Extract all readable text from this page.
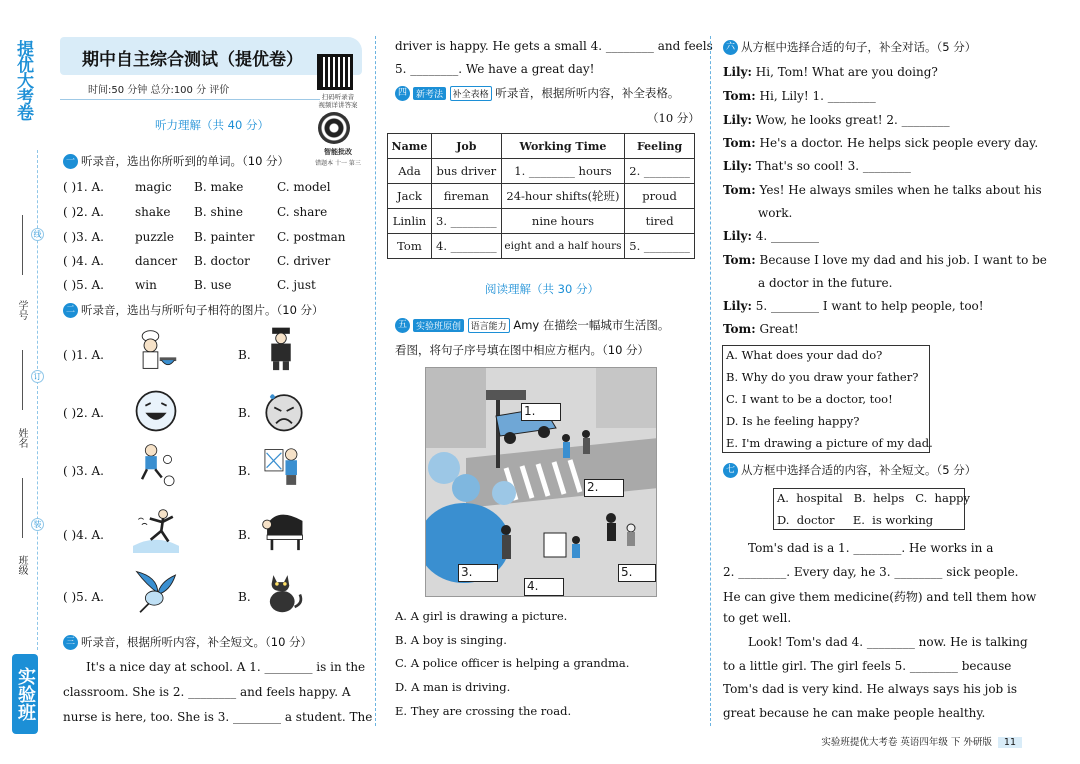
提优大考卷
线
订
装
学号
姓名
班级
实验班
期中自主综合测试（提优卷）
时间:50 分钟 总分:100 分 评价
扫码听录音
视频详讲答案
智能批改
错题本 十一 第三
听力理解（共 40 分）
一 听录音，选出你所听到的单词。（10 分）
( )1. A.	magic B. make	C. model
( )2. A.	shake B. shine	C. share
( )3. A.	puzzle B. painter C. postman
( )4. A.	dancer B. doctor C. driver
( )5. A.	win	B. use	C. just
二 听录音，选出与所听句子相符的图片。（10 分）
( )1. A.	B.
( )2. A.	B.
( )3. A.	B.
( )4. A.	B.
( )5. A.	B.
三 听录音，根据所听内容，补全短文。（10 分）
It's a nice day at school. A 1. ________ is in the
classroom. She is 2. ________ and feels happy. A
nurse is here, too. She is 3. ________ a student. The
driver is happy. He gets a small 4. ________ and feels
5. ________. We have a great day!
四 新考法 补全表格 听录音，根据所听内容，补全表格。
（10 分）
Name	Job	Working Time	Feeling
Ada	bus driver	1. ________ hours	2. ________
Jack	fireman	24-hour shifts(轮班)	proud
Linlin	3. ________	nine hours	tired
Tom	4. ________	eight and a half hours	5. ________
阅读理解（共 30 分）
五 实验班原创 语言能力 Amy 在描绘一幅城市生活图。
看图，将句子序号填在图中相应方框内。（10 分）
1.
2.
3.
4.
5.
A. A girl is drawing a picture.
B. A boy is singing.
C. A police officer is helping a grandma.
D. A man is driving.
E. They are crossing the road.
六 从方框中选择合适的句子，补全对话。（5 分）
Lily: Hi, Tom! What are you doing?
Tom: Hi, Lily! 1. ________
Lily: Wow, he looks great! 2. ________
Tom: He's a doctor. He helps sick people every day.
Lily: That's so cool! 3. ________
Tom: Yes! He always smiles when he talks about his
work.
Lily: 4. ________
Tom: Because I love my dad and his job. I want to be
a doctor in the future.
Lily: 5. ________ I want to help people, too!
Tom: Great!
A. What does your dad do?
B. Why do you draw your father?
C. I want to be a doctor, too!
D. Is he feeling happy?
E. I'm drawing a picture of my dad.
七 从方框中选择合适的内容，补全短文。（5 分）
A.  hospital   B.  helps   C.  happy
D.  doctor     E.  is working
Tom's dad is a 1. ________. He works in a
2. ________. Every day, he 3. ________ sick people.
He can give them medicine(药物) and tell them how
to get well.
Look! Tom's dad 4. ________ now. He is talking
to a little girl. The girl feels 5. ________ because
Tom's dad is very kind. He always says his job is
great because he can make people healthy.
实验班提优大考卷 英语四年级 下 外研版 11
